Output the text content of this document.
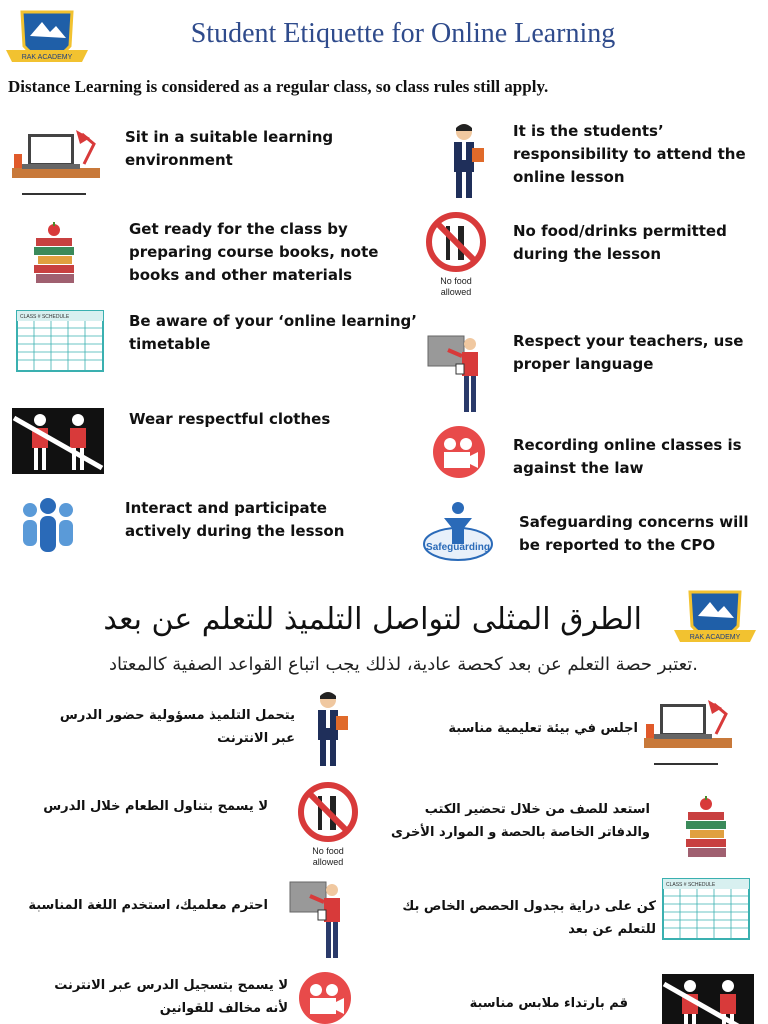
RAK ACADEMY
Student Etiquette for Online Learning
Distance Learning is considered as a regular class, so class rules still apply.
Sit in a suitable learning environment
Get ready for the class by preparing course books, note books and other materials
CLASS # SCHEDULE	Be aware of your ‘online learning’ timetable
Wear respectful clothes
Interact and participate actively during the lesson
It is the students’ responsibility to attend the online lesson
No food
allowed
No food/drinks permitted during the lesson
Respect your teachers, use proper language
Recording online classes is against the law
Safeguarding
Safeguarding concerns will be reported to the CPO
RAK ACADEMY
الطرق المثلى لتواصل التلميذ للتعلم عن بعد
.تعتبر حصة التعلم عن بعد كحصة عادية، لذلك يجب اتباع القواعد الصفية كالمعتاد
يتحمل التلميذ مسؤولية حضور الدرس
عبر الانترنت
لا يسمح بتناول الطعام خلال الدرس
No food
allowed
احترم معلميك، استخدم اللغة المناسبة
لا يسمح بتسجيل الدرس عبر الانترنت
لأنه مخالف للقوانين
اجلس في بيئة تعليمية مناسبة
استعد للصف من خلال تحضير الكتب
والدفاتر الخاصة بالحصة و الموارد الأخرى
كن على دراية بجدول الحصص الخاص بك
للتعلم عن بعد
CLASS # SCHEDULE
قم بارتداء ملابس مناسبة
